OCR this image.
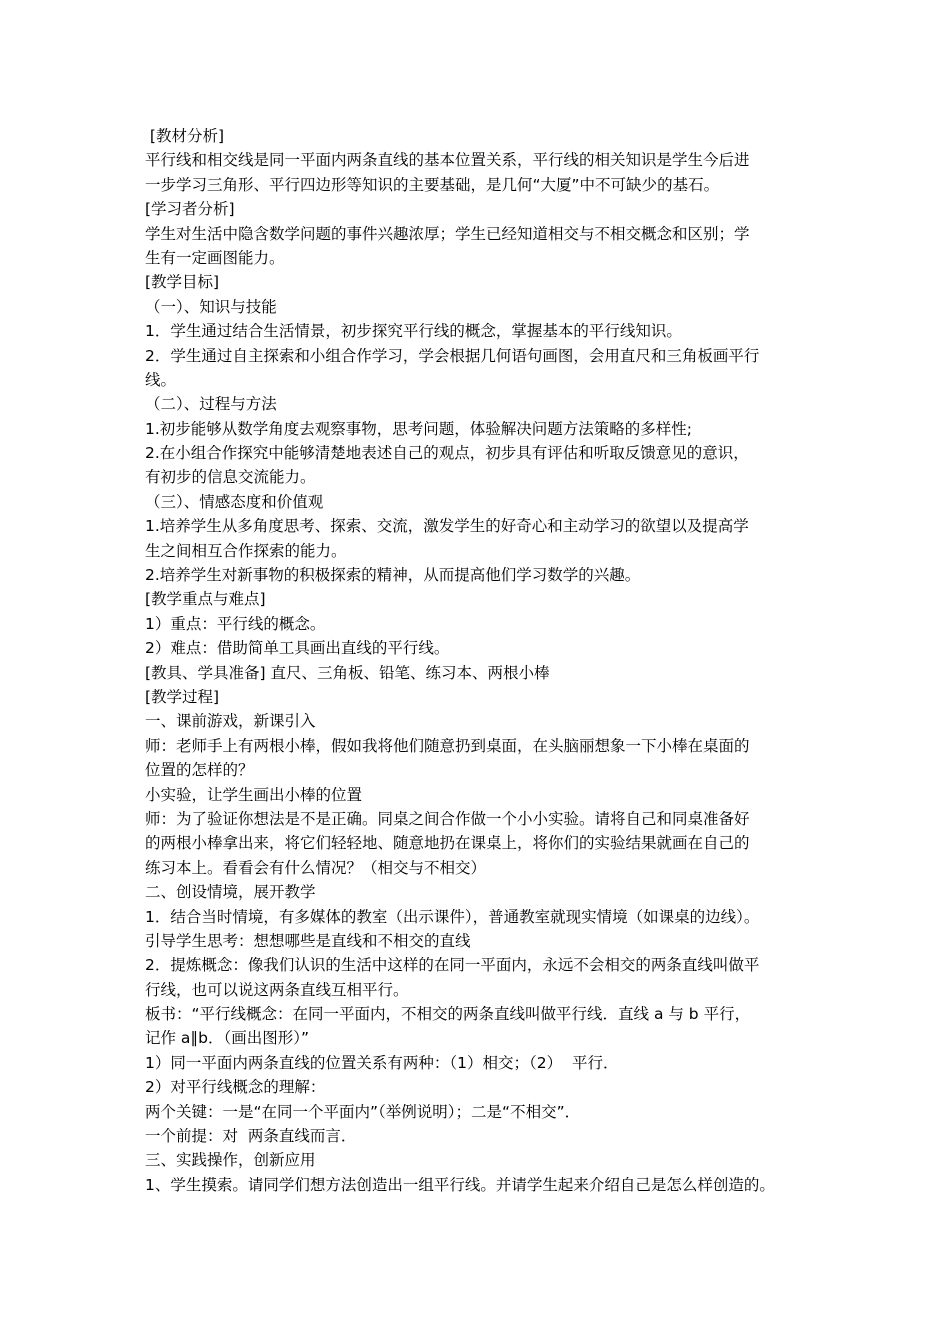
[教材分析]
平行线和相交线是同一平面内两条直线的基本位置关系，平行线的相关知识是学生今后进
一步学习三角形、平行四边形等知识的主要基础，是几何“大厦”中不可缺少的基石。
[学习者分析]
学生对生活中隐含数学问题的事件兴趣浓厚；学生已经知道相交与不相交概念和区别；学
生有一定画图能力。
[教学目标]
（一）、知识与技能
1．学生通过结合生活情景，初步探究平行线的概念，掌握基本的平行线知识。
2．学生通过自主探索和小组合作学习，学会根据几何语句画图，会用直尺和三角板画平行
线。
（二）、过程与方法
1.初步能够从数学角度去观察事物，思考问题，体验解决问题方法策略的多样性;
2.在小组合作探究中能够清楚地表述自己的观点，初步具有评估和听取反馈意见的意识，
有初步的信息交流能力。
（三）、情感态度和价值观
1.培养学生从多角度思考、探索、交流，激发学生的好奇心和主动学习的欲望以及提高学
生之间相互合作探索的能力。
2.培养学生对新事物的积极探索的精神，从而提高他们学习数学的兴趣。
[教学重点与难点]
1）重点：平行线的概念。
2）难点：借助简单工具画出直线的平行线。
[教具、学具准备] 直尺、三角板、铅笔、练习本、两根小棒
[教学过程]
一、课前游戏，新课引入
师：老师手上有两根小棒，假如我将他们随意扔到桌面，在头脑丽想象一下小棒在桌面的
位置的怎样的？
小实验，让学生画出小棒的位置
师：为了验证你想法是不是正确。同桌之间合作做一个小小实验。请将自己和同桌准备好
的两根小棒拿出来，将它们轻轻地、随意地扔在课桌上，将你们的实验结果就画在自己的
练习本上。看看会有什么情况？（相交与不相交）
二、创设情境，展开教学
1．结合当时情境，有多媒体的教室（出示课件），普通教室就现实情境（如课桌的边线）。
引导学生思考：想想哪些是直线和不相交的直线
2．提炼概念：像我们认识的生活中这样的在同一平面内，永远不会相交的两条直线叫做平
行线，也可以说这两条直线互相平行。
板书：“平行线概念：在同一平面内，不相交的两条直线叫做平行线．直线 a 与 b 平行，
记作 a∥b．（画出图形）”
1）同一平面内两条直线的位置关系有两种：（1）相交；（2）  平行．
2）对平行线概念的理解：
两个关键：一是“在同一个平面内”（举例说明）；二是“不相交”．
一个前提：对  两条直线而言．
三、实践操作，创新应用
1、学生摸索。请同学们想方法创造出一组平行线。并请学生起来介绍自己是怎么样创造的。
